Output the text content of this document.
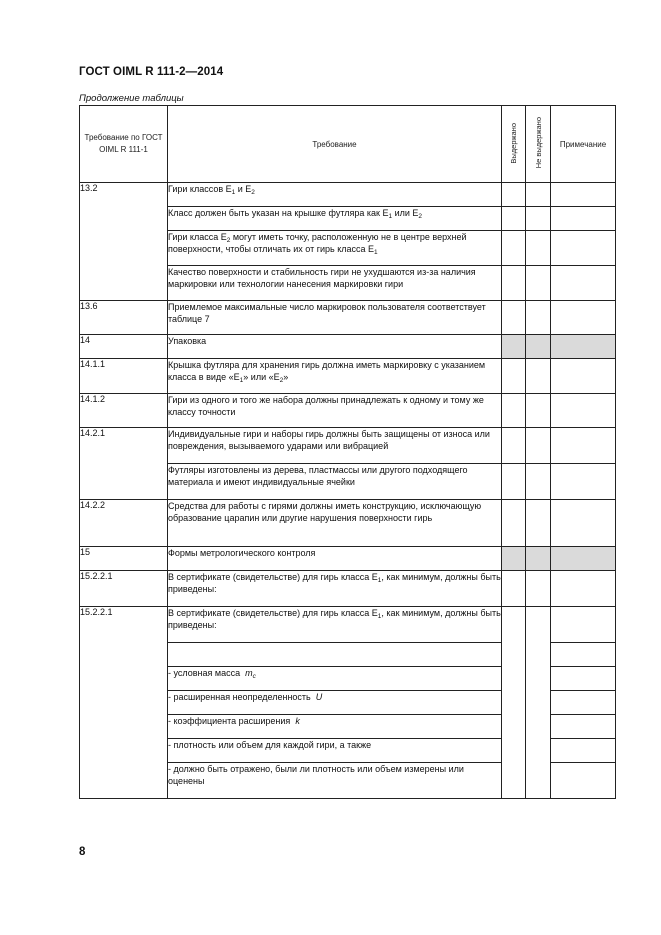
ГОСТ OIML R 111-2—2014
Продолжение таблицы
Требование по ГОСТ OIML R 111-1	Требование	Выдержано	Не выдержано	Примечание
13.2	Гири классов $E_1$ и $E_2$			
	Класс должен быть указан на крышке футляра как $E_1$ или $E_2$			
	Гири класса $E_2$ могут иметь точку, расположенную не в центре верхней поверхности, чтобы отличать их от гирь класса $E_1$			
	Качество поверхности и стабильность гири не ухудшаются из-за наличия маркировки или технологии нанесения маркировки гири			
13.6	Приемлемое максимальные число маркировок пользователя соответствует таблице 7			
14	Упаковка			
14.1.1	Крышка футляра для хранения гирь должна иметь маркировку с указанием класса в виде «$E_1$» или «$E_2$»			
14.1.2	Гири из одного и того же набора должны принадлежать к одному и тому же классу точности			
14.2.1	Индивидуальные гири и наборы гирь должны быть защищены от износа или повреждения, вызываемого ударами или вибрацией			
	Футляры изготовлены из дерева, пластмассы или другого подходящего материала и имеют индивидуальные ячейки			
14.2.2	Средства для работы с гирями должны иметь конструкцию, исключающую образование царапин или другие нарушения поверхности гирь			
15	Формы метрологического контроля			
15.2.2.1	В сертификате (свидетельстве) для гирь класса $E_1$, как минимум, должны быть приведены:			
15.2.2.1	В сертификате (свидетельстве) для гирь класса $E_1$, как минимум, должны быть приведены:			

	- условная масса $m_c$	
	- расширенная неопределенность U			
	- коэффициента расширения k			
	- плотность или объем для каждой гири, а также			
	- должно быть отражено, были ли плотность или объем измерены или оценены			
8
